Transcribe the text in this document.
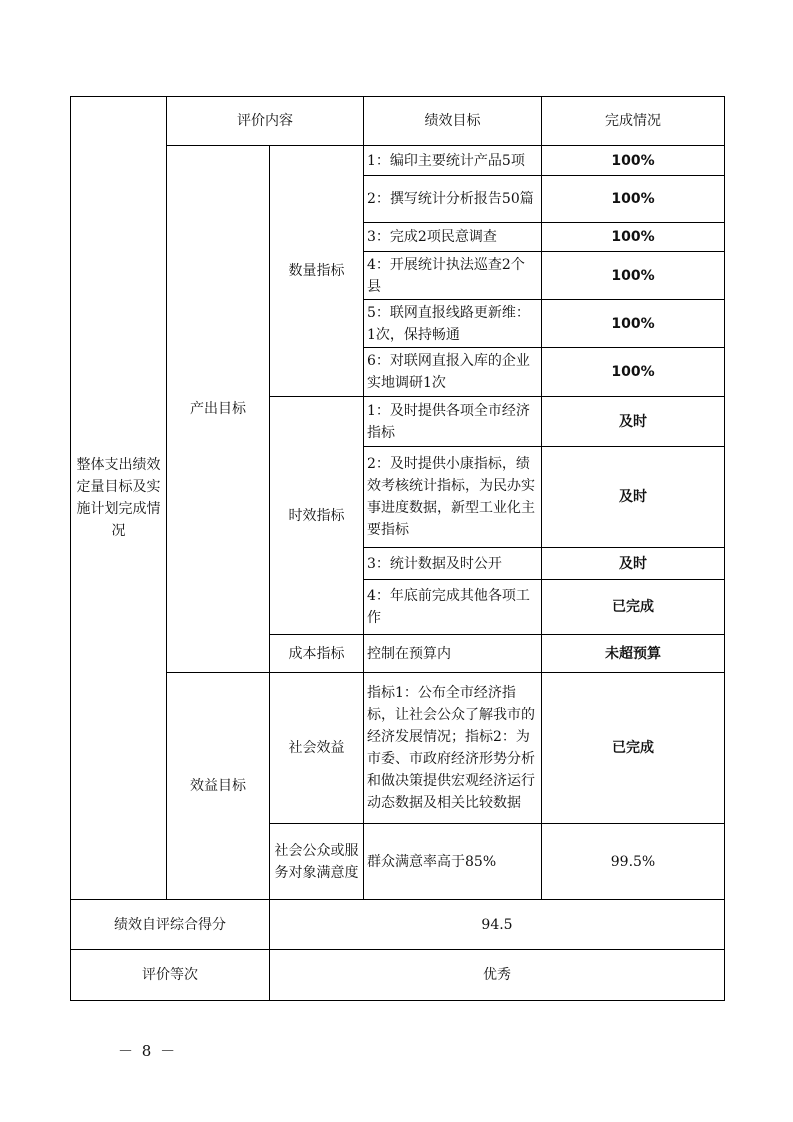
整体支出绩效定量目标及实施计划完成情况	评价内容		绩效目标	完成情况
	产出目标	数量指标	1：编印主要统计产品5项	100%
			2：撰写统计分析报告50篇	100%
			3：完成2项民意调查	100%
			4：开展统计执法巡查2个县	100%
			5：联网直报线路更新维：1次，保持畅通	100%
			6：对联网直报入库的企业实地调研1次	100%
		时效指标	1：及时提供各项全市经济指标	及时
			2：及时提供小康指标，绩效考核统计指标，为民办实事进度数据，新型工业化主要指标	及时
			3：统计数据及时公开	及时
			4：年底前完成其他各项工作	已完成
		成本指标	控制在预算内	未超预算
	效益目标	社会效益	指标1：公布全市经济指标，让社会公众了解我市的经济发展情况；指标2：为市委、市政府经济形势分析和做决策提供宏观经济运行动态数据及相关比较数据	已完成
		社会公众或服务对象满意度	群众满意率高于85%	99.5%
绩效自评综合得分		94.5		
评价等次		优秀		
－ 8 －
